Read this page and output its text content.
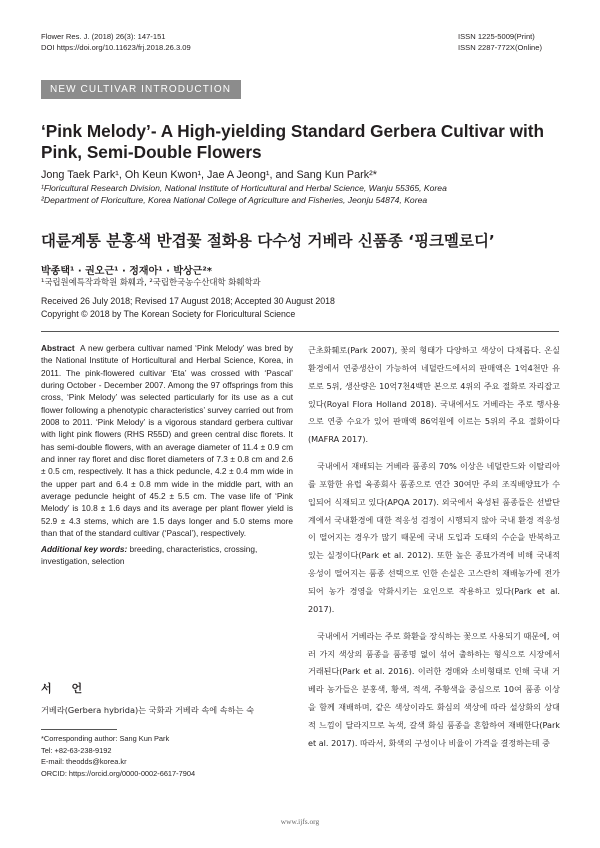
Flower Res. J. (2018) 26(3): 147-151
DOI https://doi.org/10.11623/frj.2018.26.3.09
ISSN 1225-5009(Print)
ISSN 2287-772X(Online)
NEW CULTIVAR INTRODUCTION
‘Pink Melody’- A High-yielding Standard Gerbera Cultivar with Pink, Semi-Double Flowers
Jong Taek Park¹, Oh Keun Kwon¹, Jae A Jeong¹, and Sang Kun Park²*
¹Floricultural Research Division, National Institute of Horticultural and Herbal Science, Wanju 55365, Korea
²Department of Floriculture, Korea National College of Agriculture and Fisheries, Jeonju 54874, Korea
대륜계통 분홍색 반겹꽃 절화용 다수성 거베라 신품종 ‘핑크멜로디’
박종택¹ · 권오근¹ · 정재아¹ · 박상근²*
¹국립원예특작과학원 화훼과, ²국립한국농수산대학 화훼학과
Received 26 July 2018; Revised 17 August 2018; Accepted 30 August 2018
Copyright © 2018 by The Korean Society for Floricultural Science

Abstract A new gerbera cultivar named ‘Pink Melody’ was bred by the National Institute of Horticultural and Herbal Science, Korea, in 2011. The pink-flowered cultivar ‘Eta’ was crossed with ‘Pascal’ during October - December 2007. Among the 97 offsprings from this cross, ‘Pink Melody’ was selected particularly for its use as a cut flower following a phenotypic characteristics’ survey carried out from 2008 to 2011. ‘Pink Melody’ is a vigorous standard gerbera cultivar with light pink flowers (RHS R55D) and green central disc florets. It has semi-double flowers, with an average diameter of 11.4 ± 0.9 cm and inner ray floret and disc floret diameters of 7.3 ± 0.8 cm and 2.6 ± 0.5 cm, respectively. It has a thick peduncle, 4.2 ± 0.4 mm wide in the upper part and 6.4 ± 0.8 mm wide in the middle part, with an average peduncle height of 45.2 ± 5.5 cm. The vase life of ‘Pink Melody’ is 10.8 ± 1.6 days and its average per plant flower yield is 52.9 ± 4.3 stems, which are 1.5 days longer and 5.0 stems more than that of the standard cultivar (‘Pascal’), respectively.

Additional key words: breeding, characteristics, crossing, investigation, selection

서 언
거베라(Gerbera hybrida)는 국화과 거베라 속에 속하는 숙
*Corresponding author: Sang Kun Park
Tel: +82-63-238-9192
E-mail: theodds@korea.kr
ORCID: https://orcid.org/0000-0002-6617-7904

근초화훼로(Park 2007), 꽃의 형태가 다양하고 색상이 다채롭다. 온실환경에서 연중생산이 가능하여 네덜란드에서의 판매액은 1억4천만 유로로 5위, 생산량은 10억7천4백만 본으로 4위의 주요 절화로 자리잡고 있다(Royal Flora Holland 2018). 국내에서도 거베라는 주로 행사용으로 연중 수요가 있어 판매액 86억원에 이르는 5위의 주요 절화이다(MAFRA 2017).

국내에서 재배되는 거베라 품종의 70% 이상은 네덜란드와 이탈리아를 포함한 유럽 육종회사 품종으로 연간 30여만 주의 조직배양묘가 수입되어 식재되고 있다(APQA 2017). 외국에서 육성된 품종들은 선발단계에서 국내환경에 대한 적응성 검정이 시행되지 않아 국내 환경 적응성이 떨어지는 경우가 많기 때문에 국내 도입과 도태의 수순을 반복하고 있는 실정이다(Park et al. 2012). 또한 높은 종묘가격에 비해 국내적응성이 떨어지는 품종 선택으로 인한 손실은 고스란히 재배농가에 전가되어 농가 경영을 악화시키는 요인으로 작용하고 있다(Park et al. 2017).

국내에서 거베라는 주로 화환을 장식하는 꽃으로 사용되기 때문에, 여러 가지 색상의 품종을 품종명 없이 섞어 출하하는 형식으로 시장에서 거래된다(Park et al. 2016). 이러한 경매와 소비형태로 인해 국내 거베라 농가들은 분홍색, 황색, 적색, 주황색을 중심으로 10여 품종 이상을 함께 재배하며, 같은 색상이라도 화심의 색상에 따라 설상화의 상대적 느낌이 달라지므로 녹색, 갈색 화심 품종을 혼합하여 재배한다(Park et al. 2017). 따라서, 화색의 구성이나 비율이 가격을 결정하는데 중

www.ijfs.org
